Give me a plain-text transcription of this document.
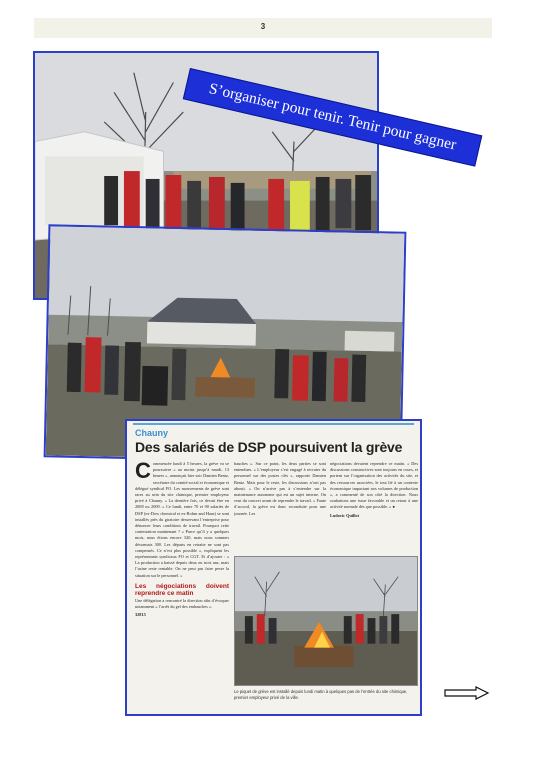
3
S’organiser pour tenir. Tenir pour gagner
Chauny
Des salariés de DSP poursuivent la grève
C ommencée lundi à 5 heures, la grève va se poursuivre « au moins jusqu’à mardi, 13 heures », annonçait hier soir Damien Bentz, secrétaire du comité social et économique et délégué syndical FO. Les mouvements de grève sont rares au sein du site chimique, premier employeur privé à Chauny. « La dernière fois, ce devait être en 2008 ou 2009. » Ce lundi, entre 70 et 90 salariés de DSP (ex-Dow chemical et ex-Rohm and Haas) se sont installés près du giratoire desservant l’entreprise pour dénoncer leurs conditions de travail. Pourquoi cette contestation maintenant ? « Parce qu’il y a quelques mois, nous étions encore 320, mais nous sommes désormais 300. Les départs en retraite ne sont pas compensés. Ce n’est plus possible », expliquent les représentants syndicaux FO et CGT. Et d’ajouter : « La production a baissé depuis deux ou trois ans, mais l’usine reste rentable. On ne peut pas faire peser la situation sur le personnel. »
Les négociations doivent reprendre ce matin
Une délégation a rencontré la direction afin d’évoquer notamment « l’arrêt du gel des embauches ».
32815
bauches ». Sur ce point, les deux parties se sont entendues. « L’employeur s’est engagé à recruter du personnel sur des postes clés », rapporte Damien Bentz. Mais pour le reste, les discussions n’ont pas abouti. « On n’arrive pas à s’entendre sur la maintenance autonome qui est un sujet interne. On veut du concret avant de reprendre le travail. » Faute d’accord, la grève est donc reconduite pour une journée. Les
négociations devaient reprendre ce matin. « Des discussions constructives sont toujours en cours, et portent sur l’organisation des activités du site, et des ressources associées, le tout lié à un contexte économique impactant nos volumes de production », a commenté de son côté la direction. Nous souhaitons une issue favorable et un retour à une activité normale dès que possible. » ●
Ludovic Quillot
Le piquet de grève est installé depuis lundi matin à quelques pas de l’entrée du site chimique, premier employeur privé de la ville.
